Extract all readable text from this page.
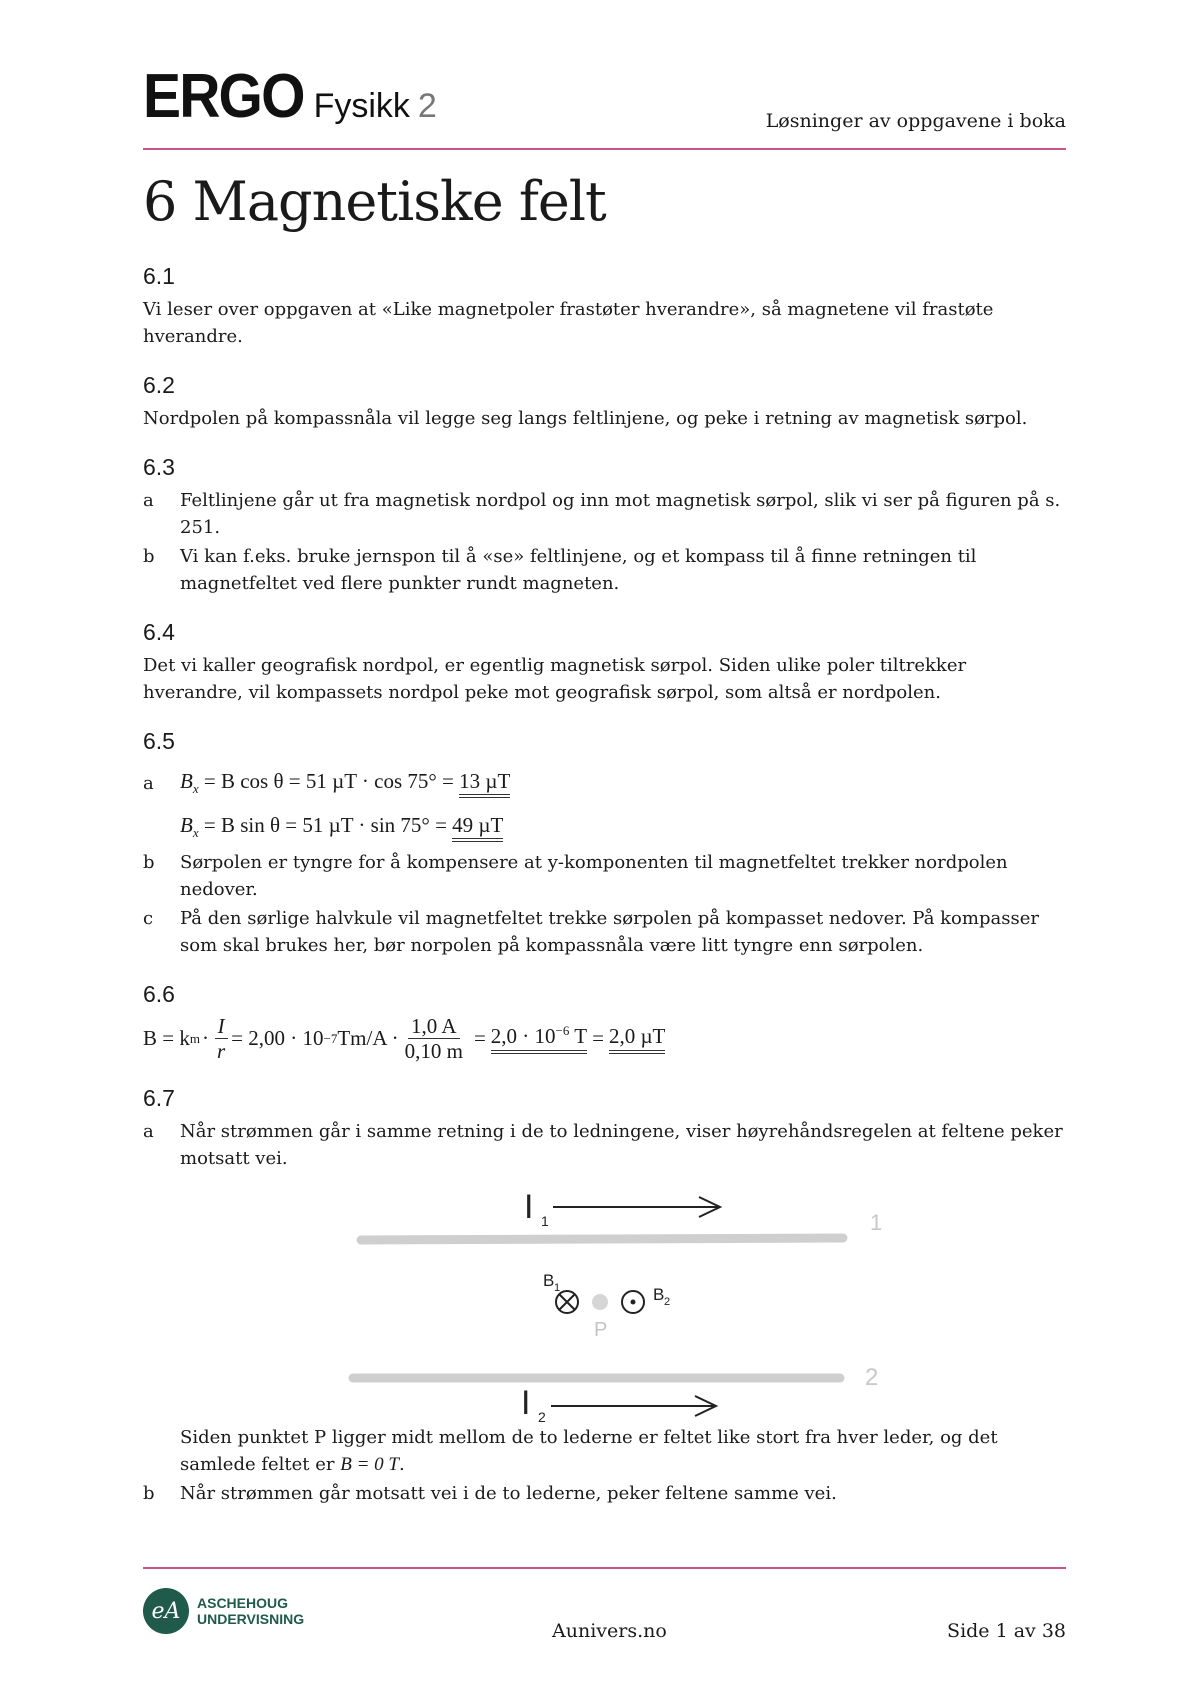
ERGO Fysikk 2	Løsninger av oppgavene i boka
6 Magnetiske felt
6.1

Vi leser over oppgaven at «Like magnetpoler frastøter hverandre», så magnetene vil frastøte hverandre.

6.2

Nordpolen på kompassnåla vil legge seg langs feltlinjene, og peke i retning av magnetisk sørpol.

6.3
a	Feltlinjene går ut fra magnetisk nordpol og inn mot magnetisk sørpol, slik vi ser på figuren på s. 251.
b	Vi kan f.eks. bruke jernspon til å «se» feltlinjene, og et kompass til å finne retningen til magnetfeltet ved flere punkter rundt magneten.
6.4

Det vi kaller geografisk nordpol, er egentlig magnetisk sørpol. Siden ulike poler tiltrekker hverandre, vil kompassets nordpol peke mot geografisk sørpol, som altså er nordpolen.

6.5
a	$B_x = B$ cos θ = 51 µT · cos 75° = 13 µT
$B_x = B$ sin θ = 51 µT · sin 75° = 49 µT
b	Sørpolen er tyngre for å kompensere at y-komponenten til magnetfeltet trekker nordpolen nedover.
c	På den sørlige halvkule vil magnetfeltet trekke sørpolen på kompasset nedover. På kompasser som skal brukes her, bør norpolen på kompassnåla være litt tyngre enn sørpolen.
6.6
B = k $m \cdot \frac{I}{r} = 2,00 \cdot 10 -7$ $Tm/A \cdot \frac{1,0 A}{0,10 m} = 2,0 \cdot 10^{-6}$ T = 2,0 µT
6.7
a	Når strømmen går i samme retning i de to ledningene, viser høyrehåndsregelen at feltene peker motsatt vei.
I 1	1
B 1
P
B 2
2
I 2
Siden punktet P ligger midt mellom de to lederne er feltet like stort fra hver leder, og det samlede feltet er B = 0 T.
b	Når strømmen går motsatt vei i de to lederne, peker feltene samme vei.
eA	ASCHEHOUG
UNDERVISNING
Aunivers.no	Side 1 av 38
